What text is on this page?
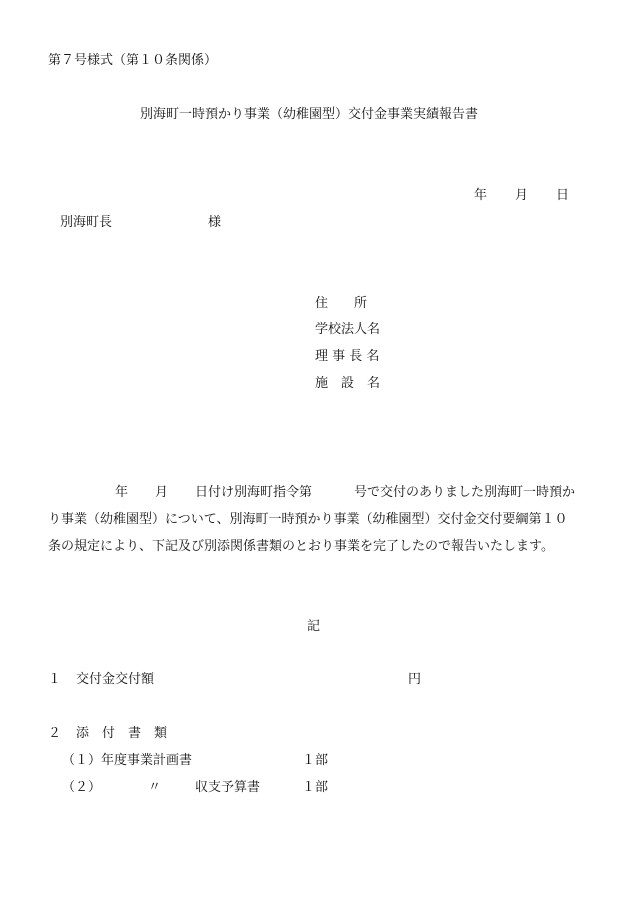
第７号様式（第１０条関係）
別海町一時預かり事業（幼稚園型）交付金事業実績報告書
年 月 日
別海町長	様
住　　所
学校法人名
理 事 長 名
施　設　名
年 月 日付け別海町指令第	号で交付のありました別海町一時預か
り事業（幼稚園型）について、別海町一時預かり事業（幼稚園型）交付金交付要綱第１０
条の規定により、下記及び別添関係書類のとおり事業を完了したので報告いたします。
記
１ 交付金交付額	円
２ 添　付　書　類
（１） 年度事業計画書	１部
（２）	〃	収支予算書	１部
